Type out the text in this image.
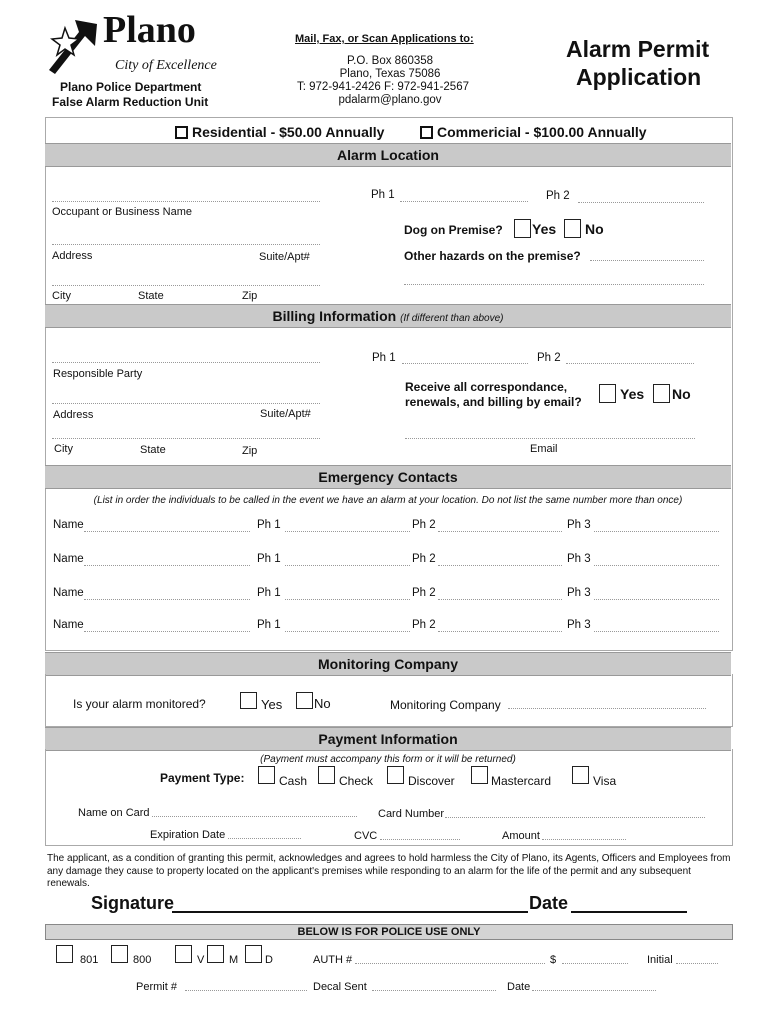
Plano
City of Excellence
Plano Police Department
False Alarm Reduction Unit
Mail, Fax, or Scan Applications to:
P.O. Box 860358
Plano, Texas 75086
T: 972-941-2426 F: 972-941-2567
pdalarm@plano.gov
Alarm Permit
Application
Residential - $50.00 Annually	Commericial - $100.00 Annually
Alarm Location
Ph 1	Ph 2
Occupant or Business Name
Dog on Premise? Yes No
Address	Suite/Apt#	Other hazards on the premise?
City	State	Zip
Billing Information (If different than above)
Ph 1	Ph 2
Responsible Party
Receive all correspondance,
renewals, and billing by email?	Yes No
Address	Suite/Apt#
City	State	Zip	Email
Emergency Contacts
(List in order the individuals to be called in the event we have an alarm at your location. Do not list the same number more than once)
Name	Ph 1	Ph 2	Ph 3
Name	Ph 1	Ph 2	Ph 3
Name	Ph 1	Ph 2	Ph 3
Name	Ph 1	Ph 2	Ph 3
Monitoring Company
Is your alarm monitored?	Yes No	Monitoring Company
Payment Information
(Payment must accompany this form or it will be returned)
Payment Type:	Cash	Check	Discover	Mastercard	Visa
Name on Card	Card Number
Expiration Date	CVC	Amount
The applicant, as a condition of granting this permit, acknowledges and agrees to hold harmless the City of Plano, its Agents, Officers and Employees from any damage they cause to property located on the applicant's premises while responding to an alarm for the life of the permit and any subsequent renewals.
Signature	Date
BELOW IS FOR POLICE USE ONLY
801	800	V M D	AUTH #	$	Initial
Permit #	Decal Sent	Date
